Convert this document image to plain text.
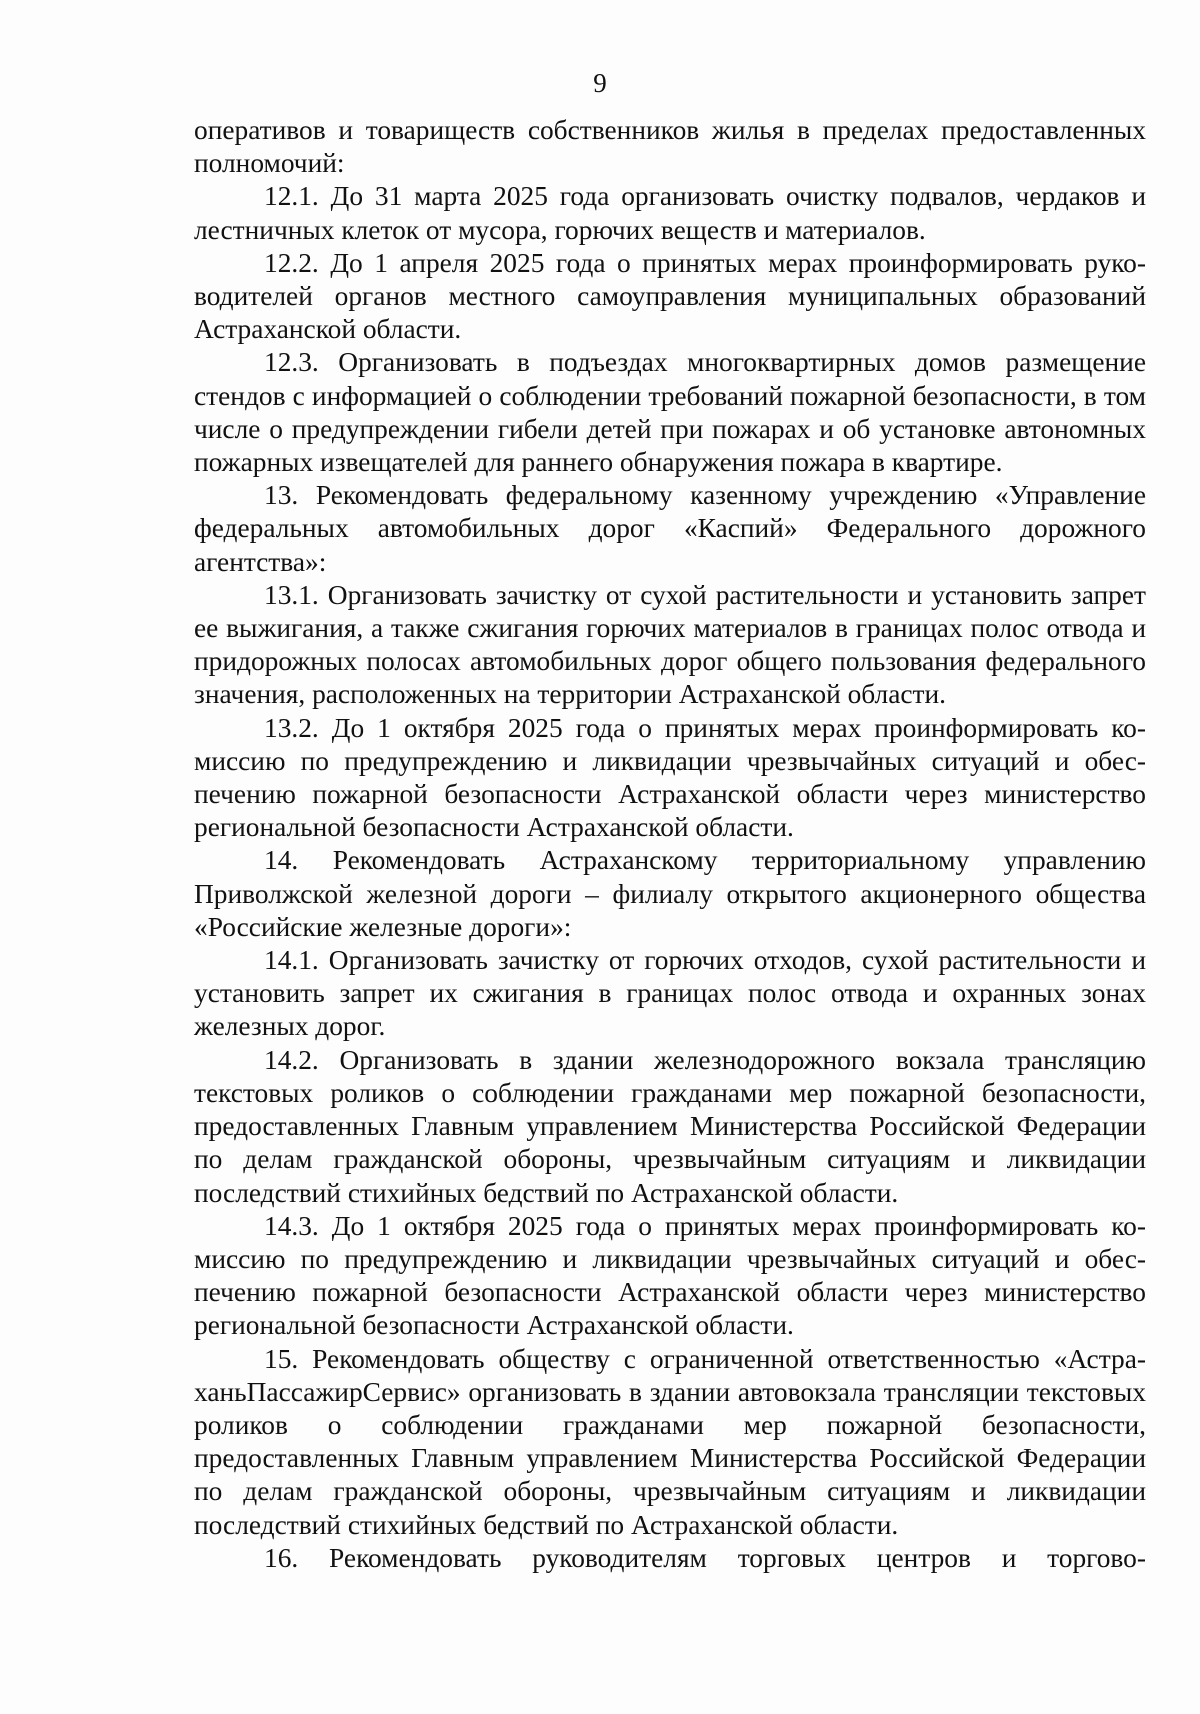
9

оперативов и товариществ собственников жилья в пределах предоставленных полномочий:

12.1. До 31 марта 2025 года организовать очистку подвалов, чердаков и лестничных клеток от мусора, горючих веществ и материалов.

12.2. До 1 апреля 2025 года о принятых мерах проинформировать руководителей органов местного самоуправления муниципальных образований Астраханской области.

12.3. Организовать в подъездах многоквартирных домов размещение стендов с информацией о соблюдении требований пожарной безопасности, в том числе о предупреждении гибели детей при пожарах и об установке автономных пожарных извещателей для раннего обнаружения пожара в квартире.

13. Рекомендовать федеральному казенному учреждению «Управление федеральных автомобильных дорог «Каспий» Федерального дорожного агентства»:

13.1. Организовать зачистку от сухой растительности и установить запрет ее выжигания, а также сжигания горючих материалов в границах полос отвода и придорожных полосах автомобильных дорог общего пользования федерального значения, расположенных на территории Астраханской области.

13.2. До 1 октября 2025 года о принятых мерах проинформировать комиссию по предупреждению и ликвидации чрезвычайных ситуаций и обеспечению пожарной безопасности Астраханской области через министерство региональной безопасности Астраханской области.

14. Рекомендовать Астраханскому территориальному управлению Приволжской железной дороги – филиалу открытого акционерного общества «Российские железные дороги»:

14.1. Организовать зачистку от горючих отходов, сухой растительности и установить запрет их сжигания в границах полос отвода и охранных зонах железных дорог.

14.2. Организовать в здании железнодорожного вокзала трансляцию текстовых роликов о соблюдении гражданами мер пожарной безопасности, предоставленных Главным управлением Министерства Российской Федерации по делам гражданской обороны, чрезвычайным ситуациям и ликвидации последствий стихийных бедствий по Астраханской области.

14.3. До 1 октября 2025 года о принятых мерах проинформировать комиссию по предупреждению и ликвидации чрезвычайных ситуаций и обеспечению пожарной безопасности Астраханской области через министерство региональной безопасности Астраханской области.

15. Рекомендовать обществу с ограниченной ответственностью «АстраханьПассажирСервис» организовать в здании автовокзала трансляции текстовых роликов о соблюдении гражданами мер пожарной безопасности, предоставленных Главным управлением Министерства Российской Федерации по делам гражданской обороны, чрезвычайным ситуациям и ликвидации последствий стихийных бедствий по Астраханской области.

16. Рекомендовать руководителям торговых центров и торгово-
